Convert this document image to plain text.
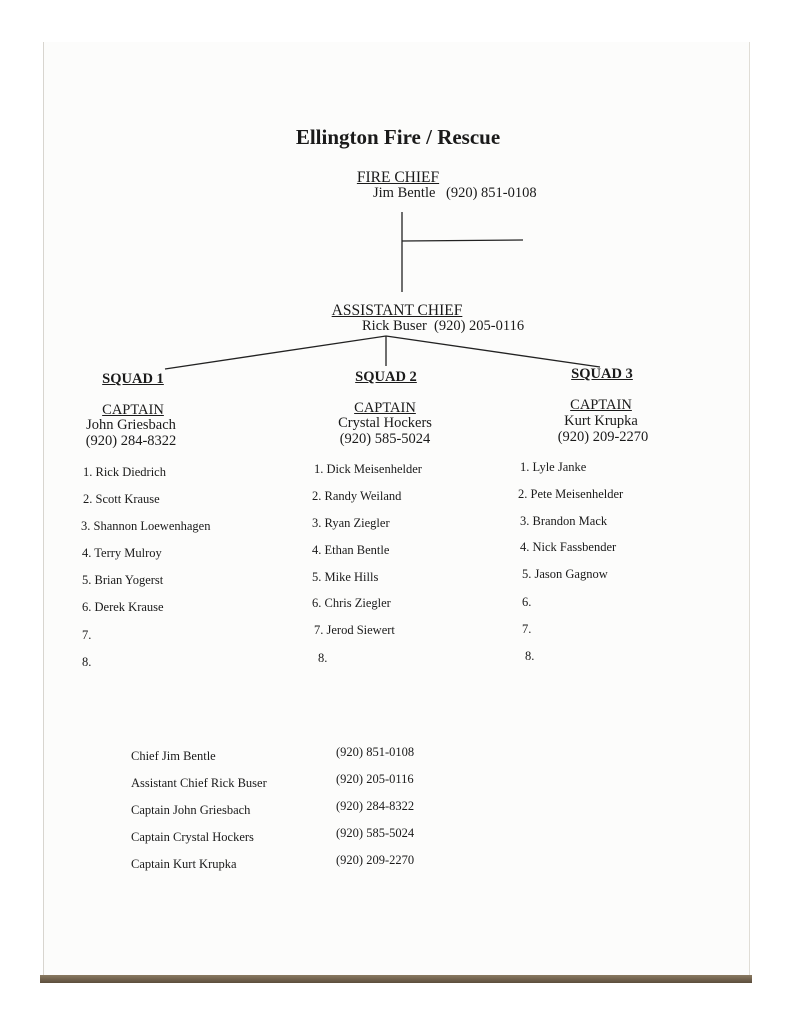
Ellington Fire / Rescue
FIRE CHIEF
Jim Bentle (920) 851-0108
ASSISTANT CHIEF
Rick Buser (920) 205-0116
SQUAD 1
CAPTAIN
John Griesbach
(920) 284-8322
1. Rick Diedrich
2. Scott Krause
3. Shannon Loewenhagen
4. Terry Mulroy
5. Brian Yogerst
6. Derek Krause
7.
8.
SQUAD 2
CAPTAIN
Crystal Hockers
(920) 585-5024
1. Dick Meisenhelder
2. Randy Weiland
3. Ryan Ziegler
4. Ethan Bentle
5. Mike Hills
6. Chris Ziegler
7. Jerod Siewert
8.
SQUAD 3
CAPTAIN
Kurt Krupka
(920) 209-2270
1. Lyle Janke
2. Pete Meisenhelder
3. Brandon Mack
4. Nick Fassbender
5. Jason Gagnow
6.
7.
8.
Chief Jim Bentle	(920) 851-0108
Assistant Chief Rick Buser	(920) 205-0116
Captain John Griesbach	(920) 284-8322
Captain Crystal Hockers	(920) 585-5024
Captain Kurt Krupka	(920) 209-2270
